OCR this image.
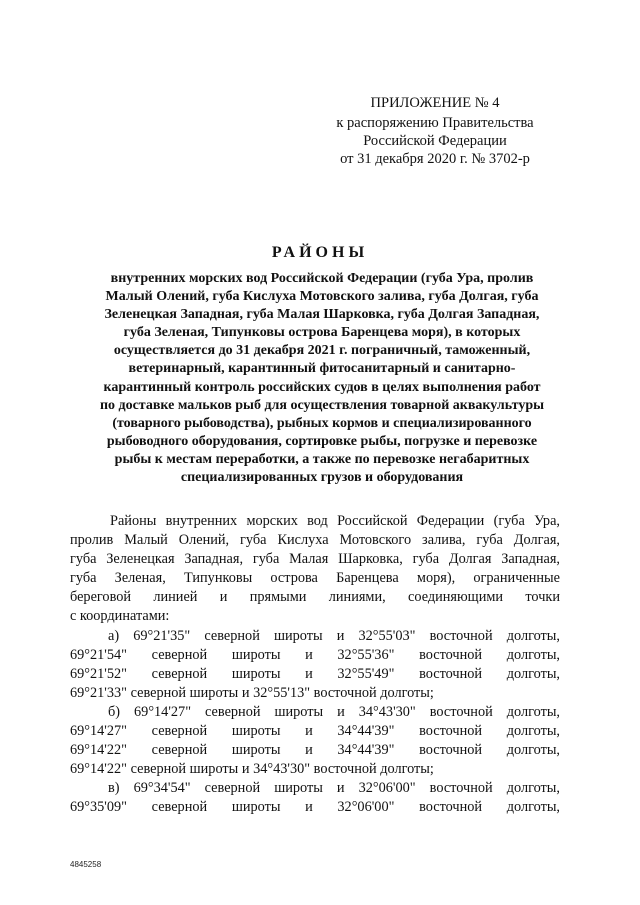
ПРИЛОЖЕНИЕ № 4
к распоряжению Правительства
Российской Федерации
от 31 декабря 2020 г. № 3702-р
РАЙОНЫ
внутренних морских вод Российской Федерации (губа Ура, пролив
Малый Олений, губа Кислуха Мотовского залива, губа Долгая, губа
Зеленецкая Западная, губа Малая Шарковка, губа Долгая Западная,
губа Зеленая, Типунковы острова Баренцева моря), в которых
осуществляется до 31 декабря 2021 г. пограничный, таможенный,
ветеринарный, карантинный фитосанитарный и санитарно-
карантинный контроль российских судов в целях выполнения работ
по доставке мальков рыб для осуществления товарной аквакультуры
(товарного рыбоводства), рыбных кормов и специализированного
рыбоводного оборудования, сортировке рыбы, погрузке и перевозке
рыбы к местам переработки, а также по перевозке негабаритных
специализированных грузов и оборудования
Районы внутренних морских вод Российской Федерации (губа Ура,
пролив Малый Олений, губа Кислуха Мотовского залива, губа Долгая,
губа Зеленецкая Западная, губа Малая Шарковка, губа Долгая Западная,
губа Зеленая, Типунковы острова Баренцева моря), ограниченные
береговой линией и прямыми линиями, соединяющими точки
с координатами:
а) 69°21'35" северной широты и 32°55'03" восточной долготы,
69°21'54" северной широты и 32°55'36" восточной долготы,
69°21'52" северной широты и 32°55'49" восточной долготы,
69°21'33" северной широты и 32°55'13" восточной долготы;
б) 69°14'27" северной широты и 34°43'30" восточной долготы,
69°14'27" северной широты и 34°44'39" восточной долготы,
69°14'22" северной широты и 34°44'39" восточной долготы,
69°14'22" северной широты и 34°43'30" восточной долготы;
в) 69°34'54" северной широты и 32°06'00" восточной долготы,
69°35'09" северной широты и 32°06'00" восточной долготы,
4845258
